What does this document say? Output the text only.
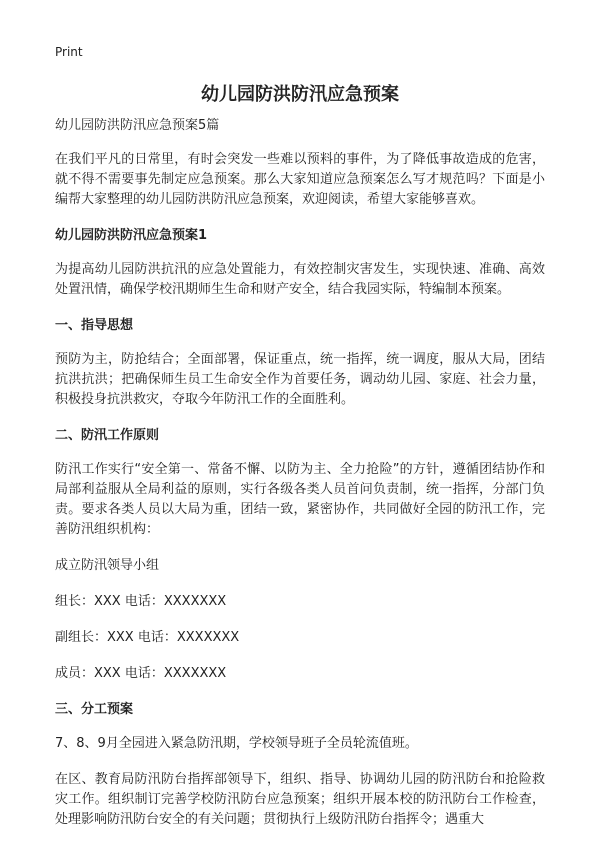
Print
幼儿园防洪防汛应急预案

幼儿园防洪防汛应急预案5篇

在我们平凡的日常里，有时会突发一些难以预料的事件，为了降低事故造成的危害，就不得不需要事先制定应急预案。那么大家知道应急预案怎么写才规范吗？下面是小编帮大家整理的幼儿园防洪防汛应急预案，欢迎阅读，希望大家能够喜欢。

幼儿园防洪防汛应急预案1

为提高幼儿园防洪抗汛的应急处置能力，有效控制灾害发生，实现快速、准确、高效处置汛情，确保学校汛期师生生命和财产安全，结合我园实际，特编制本预案。

一、指导思想

预防为主，防抢结合；全面部署，保证重点，统一指挥，统一调度，服从大局，团结抗洪抗洪；把确保师生员工生命安全作为首要任务，调动幼儿园、家庭、社会力量，积极投身抗洪救灾，夺取今年防汛工作的全面胜利。

二、防汛工作原则

防汛工作实行“安全第一、常备不懈、以防为主、全力抢险”的方针，遵循团结协作和局部利益服从全局利益的原则，实行各级各类人员首问负责制，统一指挥，分部门负责。要求各类人员以大局为重，团结一致，紧密协作，共同做好全园的防汛工作，完善防汛组织机构：

成立防汛领导小组

组长：XXX 电话：XXXXXXX

副组长：XXX 电话：XXXXXXX

成员：XXX 电话：XXXXXXX

三、分工预案

7、8、9月全园进入紧急防汛期，学校领导班子全员轮流值班。

在区、教育局防汛防台指挥部领导下，组织、指导、协调幼儿园的防汛防台和抢险救灾工作。组织制订完善学校防汛防台应急预案；组织开展本校的防汛防台工作检查，处理影响防汛防台安全的有关问题；贯彻执行上级防汛防台指挥令；遇重大
